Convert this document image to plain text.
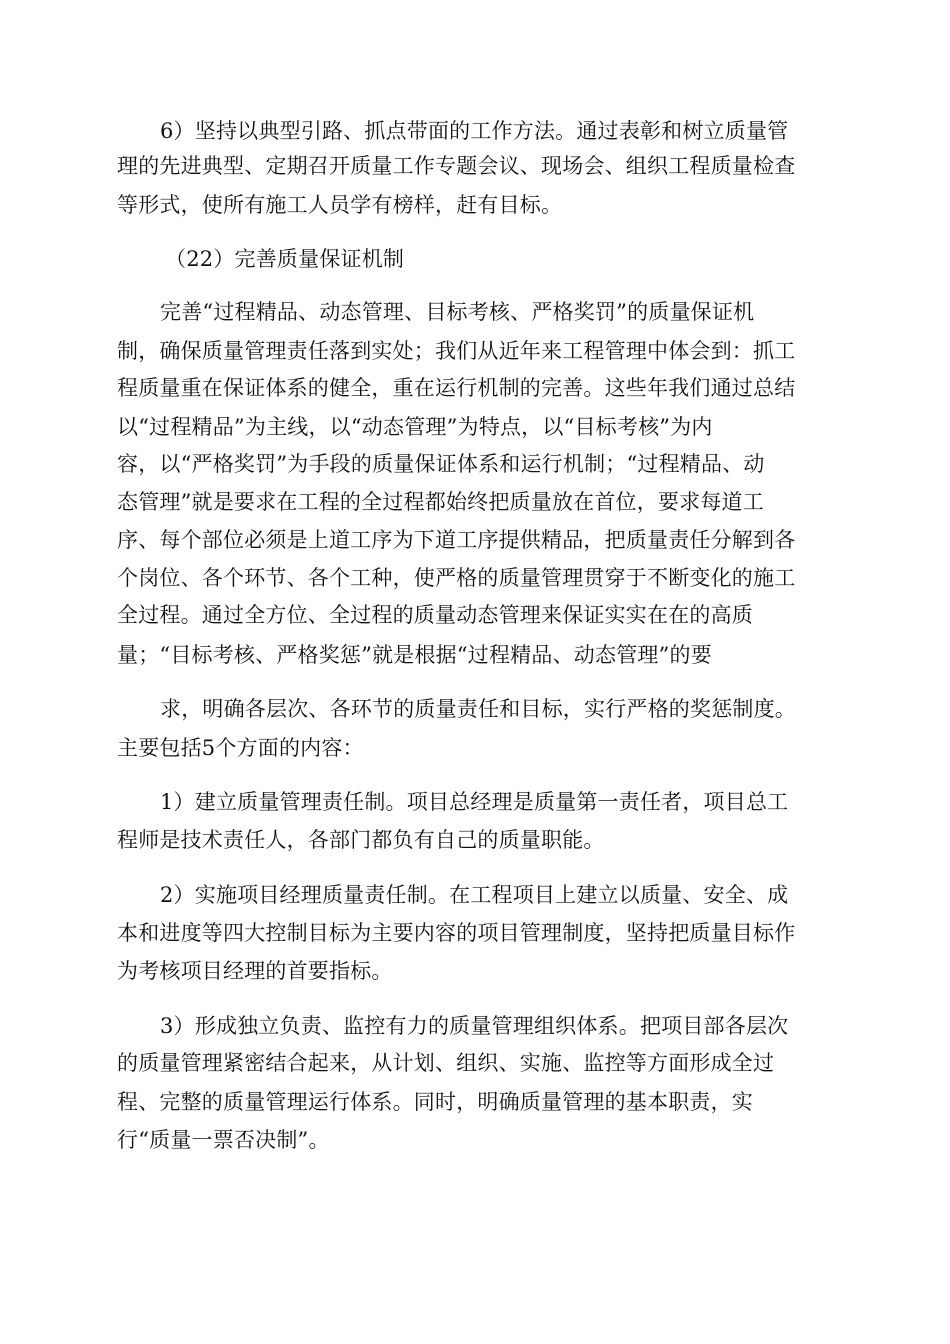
6）坚持以典型引路、抓点带面的工作方法。通过表彰和树立质量管

理的先进典型、定期召开质量工作专题会议、现场会、组织工程质量检查

等形式，使所有施工人员学有榜样，赶有目标。

（22）完善质量保证机制

完善“过程精品、动态管理、目标考核、严格奖罚”的质量保证机

制，确保质量管理责任落到实处；我们从近年来工程管理中体会到：抓工

程质量重在保证体系的健全，重在运行机制的完善。这些年我们通过总结

以“过程精品”为主线，以“动态管理”为特点，以“目标考核”为内

容，以“严格奖罚”为手段的质量保证体系和运行机制；“过程精品、动

态管理”就是要求在工程的全过程都始终把质量放在首位，要求每道工

序、每个部位必须是上道工序为下道工序提供精品，把质量责任分解到各

个岗位、各个环节、各个工种，使严格的质量管理贯穿于不断变化的施工

全过程。通过全方位、全过程的质量动态管理来保证实实在在的高质

量；“目标考核、严格奖惩”就是根据“过程精品、动态管理”的要

求，明确各层次、各环节的质量责任和目标，实行严格的奖惩制度。

主要包括5个方面的内容：

1）建立质量管理责任制。项目总经理是质量第一责任者，项目总工

程师是技术责任人，各部门都负有自己的质量职能。

2）实施项目经理质量责任制。在工程项目上建立以质量、安全、成

本和进度等四大控制目标为主要内容的项目管理制度，坚持把质量目标作

为考核项目经理的首要指标。

3）形成独立负责、监控有力的质量管理组织体系。把项目部各层次

的质量管理紧密结合起来，从计划、组织、实施、监控等方面形成全过

程、完整的质量管理运行体系。同时，明确质量管理的基本职责，实

行“质量一票否决制”。
